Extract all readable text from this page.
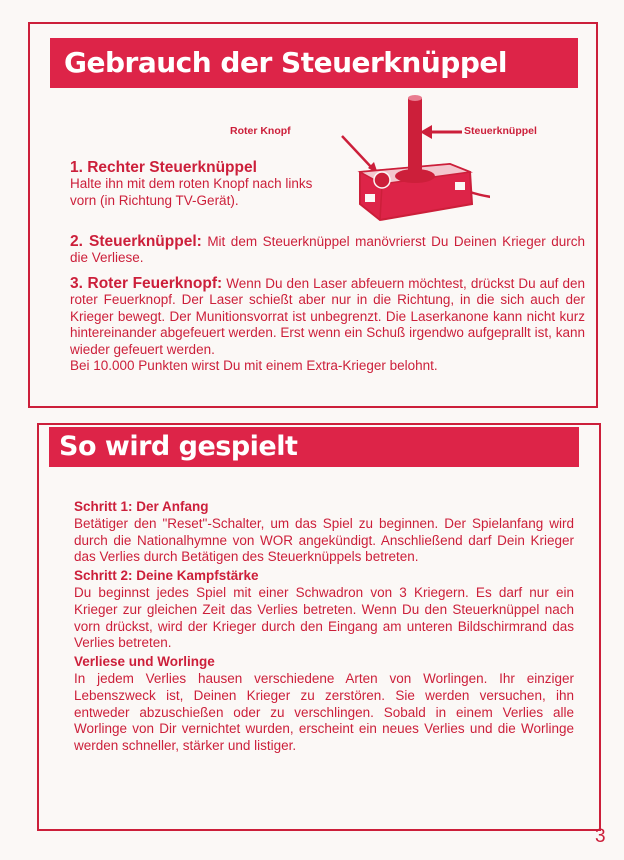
Gebrauch der Steuerknüppel
Roter Knopf	Steuerknüppel
1. Rechter Steuerknüppel
Halte ihn mit dem roten Knopf nach links vorn (in Richtung TV-Gerät).
2. Steuerknüppel: Mit dem Steuerknüppel manövrierst Du Deinen Krieger durch die Verliese.
3. Roter Feuerknopf: Wenn Du den Laser abfeuern möchtest, drückst Du auf den roter Feuerknopf. Der Laser schießt aber nur in die Richtung, in die sich auch der Krieger bewegt. Der Munitionsvorrat ist unbegrenzt. Die Laserkanone kann nicht kurz hintereinander abgefeuert werden. Erst wenn ein Schuß irgendwo aufgeprallt ist, kann wieder gefeuert werden.
Bei 10.000 Punkten wirst Du mit einem Extra-Krieger belohnt.
So wird gespielt
Schritt 1: Der Anfang

Betätiger den "Reset"-Schalter, um das Spiel zu beginnen. Der Spielanfang wird durch die Nationalhymne von WOR angekündigt. Anschließend darf Dein Krieger das Verlies durch Betätigen des Steuerknüppels betreten.

Schritt 2: Deine Kampfstärke

Du beginnst jedes Spiel mit einer Schwadron von 3 Kriegern. Es darf nur ein Krieger zur gleichen Zeit das Verlies betreten. Wenn Du den Steuerknüppel nach vorn drückst, wird der Krieger durch den Eingang am unteren Bildschirmrand das Verlies betreten.

Verliese und Worlinge

In jedem Verlies hausen verschiedene Arten von Worlingen. Ihr einziger Lebenszweck ist, Deinen Krieger zu zerstören. Sie werden versuchen, ihn entweder abzuschießen oder zu verschlingen. Sobald in einem Verlies alle Worlinge von Dir vernichtet wurden, erscheint ein neues Verlies und die Worlinge werden schneller, stärker und listiger.

3
